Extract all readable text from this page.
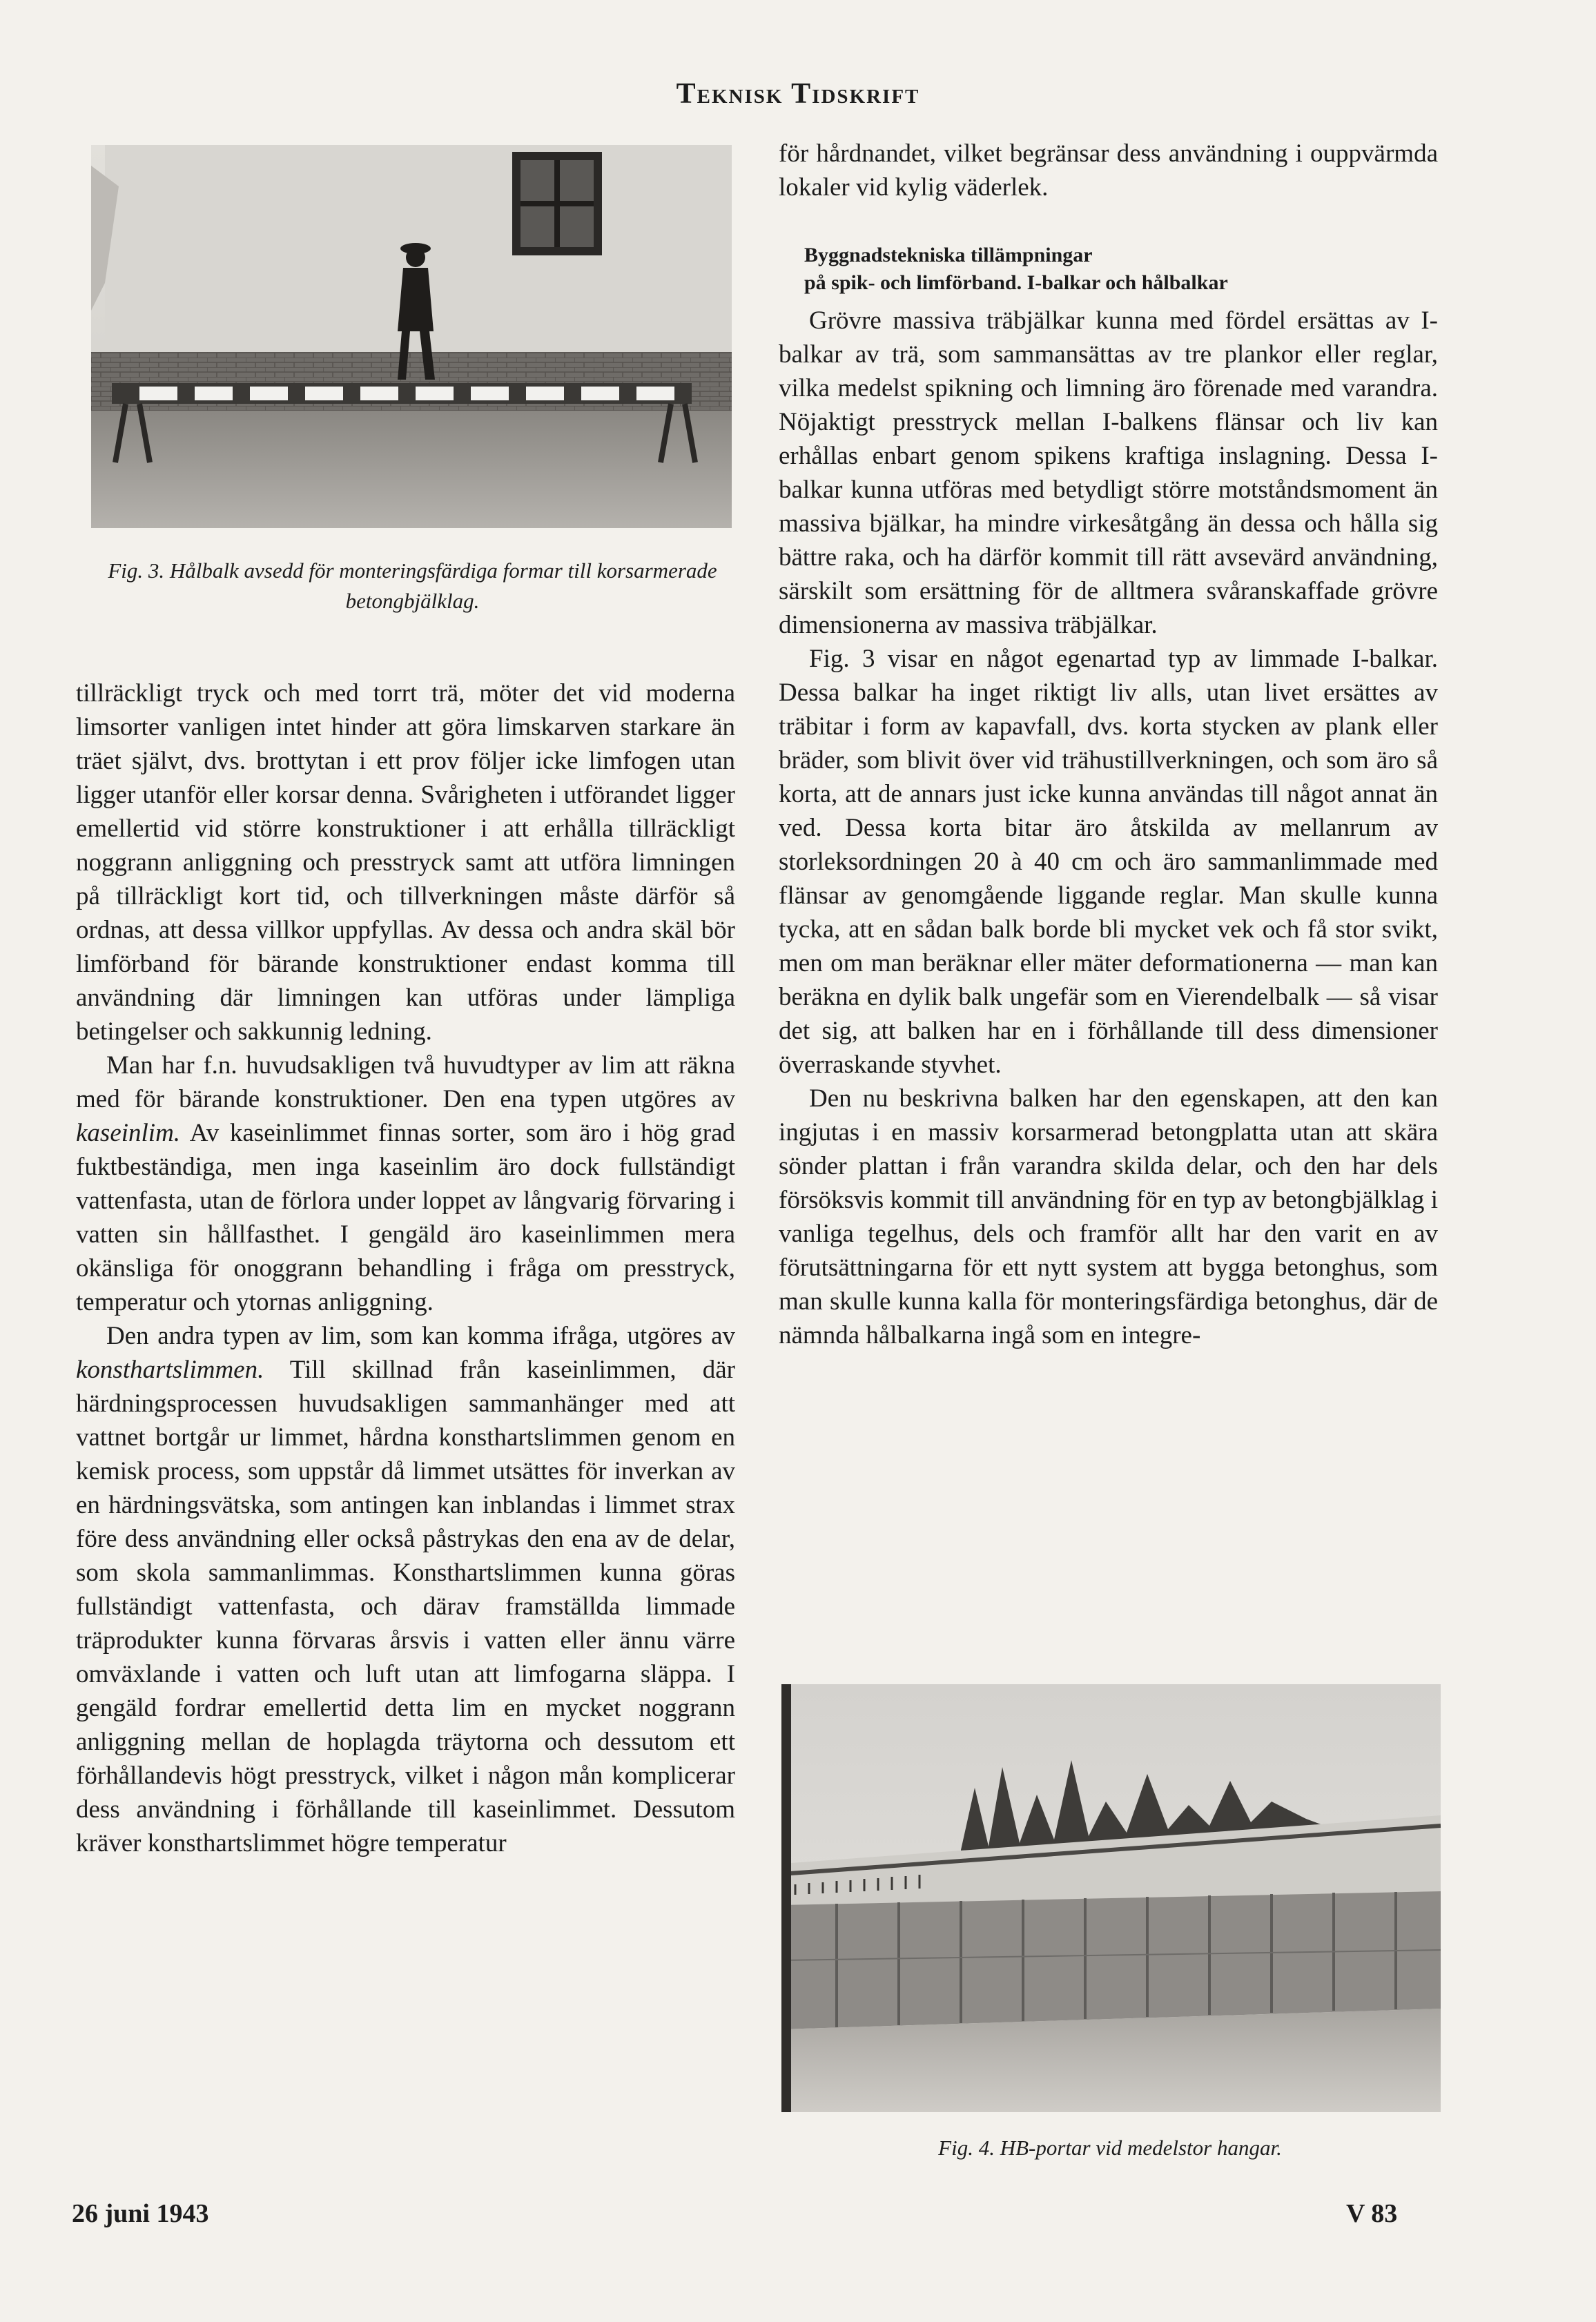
Teknisk Tidskrift
Fig. 3. Hålbalk avsedd för monteringsfärdiga formar till korsarmerade betongbjälklag.

tillräckligt tryck och med torrt trä, möter det vid moderna limsorter vanligen intet hinder att göra limskarven starkare än träet självt, dvs. brottytan i ett prov följer icke limfogen utan ligger utanför eller korsar denna. Svårigheten i utförandet ligger emellertid vid större konstruktioner i att erhålla tillräckligt noggrann anliggning och presstryck samt att utföra limningen på tillräckligt kort tid, och tillverkningen måste därför så ordnas, att dessa villkor uppfyllas. Av dessa och andra skäl bör limförband för bärande konstruktioner endast komma till användning där limningen kan utföras under lämpliga betingelser och sakkunnig ledning.

Man har f.n. huvudsakligen två huvudtyper av lim att räkna med för bärande konstruktioner. Den ena typen utgöres av kaseinlim. Av kaseinlimmet finnas sorter, som äro i hög grad fuktbeständiga, men inga kaseinlim äro dock fullständigt vattenfasta, utan de förlora under loppet av långvarig förvaring i vatten sin hållfasthet. I gengäld äro kaseinlimmen mera okänsliga för onoggrann behandling i fråga om presstryck, temperatur och ytornas anliggning.

Den andra typen av lim, som kan komma ifråga, utgöres av konsthartslimmen. Till skillnad från kaseinlimmen, där härdningsprocessen huvudsakligen sammanhänger med att vattnet bortgår ur limmet, hårdna konsthartslimmen genom en kemisk process, som uppstår då limmet utsättes för inverkan av en härdningsvätska, som antingen kan inblandas i limmet strax före dess användning eller också påstrykas den ena av de delar, som skola sammanlimmas. Konsthartslimmen kunna göras fullständigt vattenfasta, och därav framställda limmade träprodukter kunna förvaras årsvis i vatten eller ännu värre omväxlande i vatten och luft utan att limfogarna släppa. I gengäld fordrar emellertid detta lim en mycket noggrann anliggning mellan de hoplagda träytorna och dessutom ett förhållandevis högt presstryck, vilket i någon mån komplicerar dess användning i förhållande till kaseinlimmet. Dessutom kräver konsthartslimmet högre temperatur

för hårdnandet, vilket begränsar dess användning i ouppvärmda lokaler vid kylig väderlek.

Byggnadstekniska tillämpningar
på spik- och limförband. I-balkar och hålbalkar

Grövre massiva träbjälkar kunna med fördel ersättas av I-balkar av trä, som sammansättas av tre plankor eller reglar, vilka medelst spikning och limning äro förenade med varandra. Nöjaktigt presstryck mellan I-balkens flänsar och liv kan erhållas enbart genom spikens kraftiga inslagning. Dessa I-balkar kunna utföras med betydligt större motståndsmoment än massiva bjälkar, ha mindre virkesåtgång än dessa och hålla sig bättre raka, och ha därför kommit till rätt avsevärd användning, särskilt som ersättning för de alltmera svåranskaffade grövre dimensionerna av massiva träbjälkar.

Fig. 3 visar en något egenartad typ av limmade I-balkar. Dessa balkar ha inget riktigt liv alls, utan livet ersättes av träbitar i form av kapavfall, dvs. korta stycken av plank eller bräder, som blivit över vid trähustillverkningen, och som äro så korta, att de annars just icke kunna användas till något annat än ved. Dessa korta bitar äro åtskilda av mellanrum av storleksordningen 20 à 40 cm och äro sammanlimmade med flänsar av genomgående liggande reglar. Man skulle kunna tycka, att en sådan balk borde bli mycket vek och få stor svikt, men om man beräknar eller mäter deformationerna — man kan beräkna en dylik balk ungefär som en Vierendelbalk — så visar det sig, att balken har en i förhållande till dess dimensioner överraskande styvhet.

Den nu beskrivna balken har den egenskapen, att den kan ingjutas i en massiv korsarmerad betongplatta utan att skära sönder plattan i från varandra skilda delar, och den har dels försöksvis kommit till användning för en typ av betongbjälklag i vanliga tegelhus, dels och framför allt har den varit en av förutsättningarna för ett nytt system att bygga betonghus, som man skulle kunna kalla för monteringsfärdiga betonghus, där de nämnda hålbalkarna ingå som en integre-

Fig. 4. HB-portar vid medelstor hangar.
26 juni 1943	V 83
